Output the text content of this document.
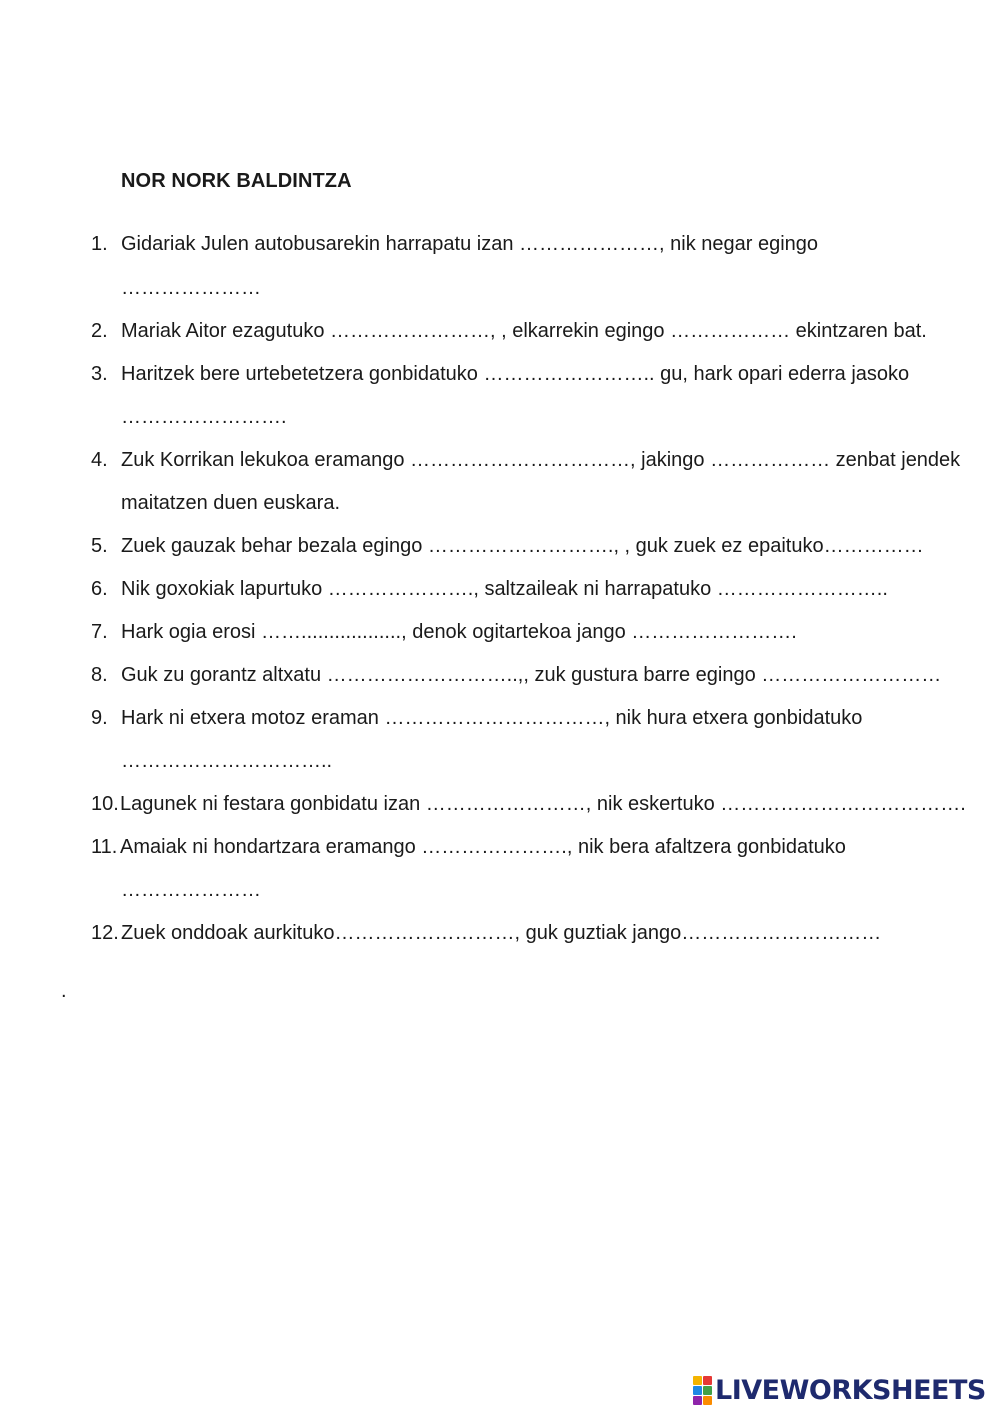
NOR NORK BALDINTZA
1. Gidariak Julen autobusarekin harrapatu izan …………………, nik negar egingo
…………………
2. Mariak Aitor ezagutuko ……………………, , elkarrekin egingo ……………… ekintzaren bat.
3. Haritzek bere urtebetetzera gonbidatuko …………………….. gu, hark opari ederra jasoko
…………………….
4. Zuk Korrikan lekukoa eramango ……………………………, jakingo ……………… zenbat jendek
maitatzen duen euskara.
5. Zuek gauzak behar bezala egingo ………………………., , guk zuek ez epaituko……………
6. Nik goxokiak lapurtuko …………………., saltzaileak ni harrapatuko ……………………..
7. Hark ogia erosi …….................., denok ogitartekoa jango …………………….
8. Guk zu gorantz altxatu ………………………..,, zuk gustura barre egingo ………………………
9. Hark ni etxera motoz eraman ……………………………, nik hura etxera gonbidatuko
…………………………..
10. Lagunek ni festara gonbidatu izan ……………………, nik eskertuko ……………………………….
11. Amaiak ni hondartzara eramango …………………., nik bera afaltzera gonbidatuko
…………………
12. Zuek onddoak aurkituko………………………, guk guztiak jango…………………………
.
LIVEWORKSHEETS
